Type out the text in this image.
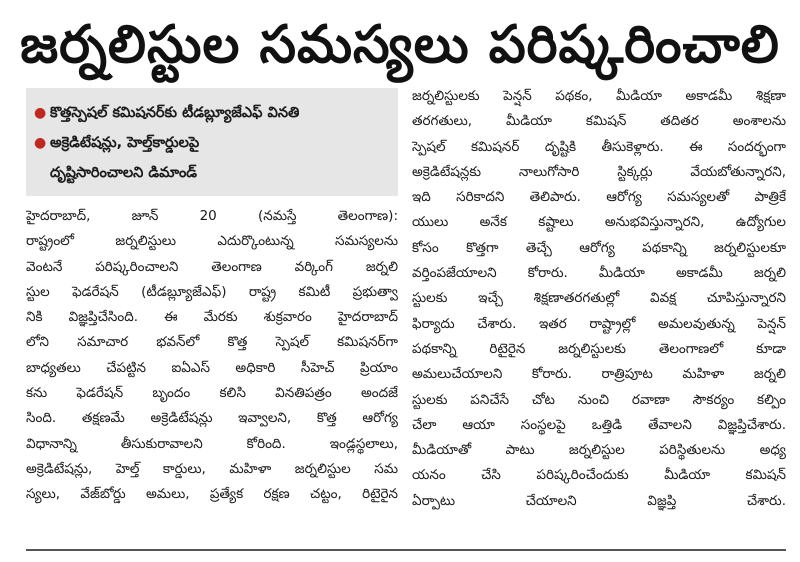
జర్నలిస్టుల సమస్యలు పరిష్కరించాలి
● కొత్తస్పెషల్ కమిషనర్‌కు టీడబ్ల్యూజేఎఫ్ వినతి
● అక్రెడిటేషన్లు, హెల్త్‌కార్డులపై
దృష్టిసారించాలని డిమాండ్
హైదరాబాద్, జూన్ 20 (నమస్తే తెలంగాణ):
రాష్ట్రంలో జర్నలిస్టులు ఎదుర్కొంటున్న సమస్యలను
వెంటనే పరిష్కరించాలని తెలంగాణ వర్కింగ్ జర్నలి
స్టుల ఫెడరేషన్ (టీడబ్ల్యూజేఎఫ్) రాష్ట్ర కమిటీ ప్రభుత్వా
నికి విజ్ఞప్తిచేసింది. ఈ మేరకు శుక్రవారం హైదరాబాద్
లోని సమాచార భవన్‌లో కొత్త స్పెషల్ కమిషనర్‌గా
బాధ్యతలు చేపట్టిన ఐఏఎస్ అధికారి సీహెచ్ ప్రియాం
కను ఫెడరేషన్ బృందం కలిసి వినతిపత్రం అందజే
సింది. తక్షణమే అక్రెడిటేషన్లు ఇవ్వాలని, కొత్త ఆరోగ్య
విధానాన్ని తీసుకురావాలని కోరింది. ఇండ్లస్థలాలు,
అక్రెడిటేషన్లు, హెల్త్ కార్డులు, మహిళా జర్నలిస్టుల సమ
స్యలు, వేజ్‌బోర్డు అమలు, ప్రత్యేక రక్షణ చట్టం, రిటైరైన
జర్నలిస్టులకు పెన్షన్ పథకం, మీడియా అకాడమీ శిక్షణా
తరగతులు, మీడియా కమిషన్ తదితర అంశాలను
స్పెషల్ కమిషనర్ దృష్టికి తీసుకెళ్లారు. ఈ సందర్భంగా
అక్రెడిటేషన్లకు నాలుగోసారి స్టిక్కర్లు వేయబోతున్నారని,
ఇది సరికాదని తెలిపారు. ఆరోగ్య సమస్యలతో పాత్రికే
యులు అనేక కష్టాలు అనుభవిస్తున్నారని, ఉద్యోగుల
కోసం కొత్తగా తెచ్చే ఆరోగ్య పథకాన్ని జర్నలిస్టులకూ
వర్తింపజేయాలని కోరారు. మీడియా అకాడమీ జర్నలి
స్టులకు ఇచ్చే శిక్షణాతరగతుల్లో వివక్ష చూపిస్తున్నారని
ఫిర్యాదు చేశారు. ఇతర రాష్ట్రాల్లో అమలవుతున్న పెన్షన్
పథకాన్ని రిటైరైన జర్నలిస్టులకు తెలంగాణలో కూడా
అమలుచేయాలని కోరారు. రాత్రిపూట మహిళా జర్నలి
స్టులకు పనిచేసే చోట నుంచి రవాణా సౌకర్యం కల్పిం
చేలా ఆయా సంస్థలపై ఒత్తిడి తేవాలని విజ్ఞప్తిచేశారు.
మీడియాతో పాటు జర్నలిస్టుల పరిస్థితులను అధ్య
యనం చేసి పరిష్కరించేందుకు మీడియా కమిషన్
ఏర్పాటు చేయాలని విజ్ఞప్తి చేశారు.
